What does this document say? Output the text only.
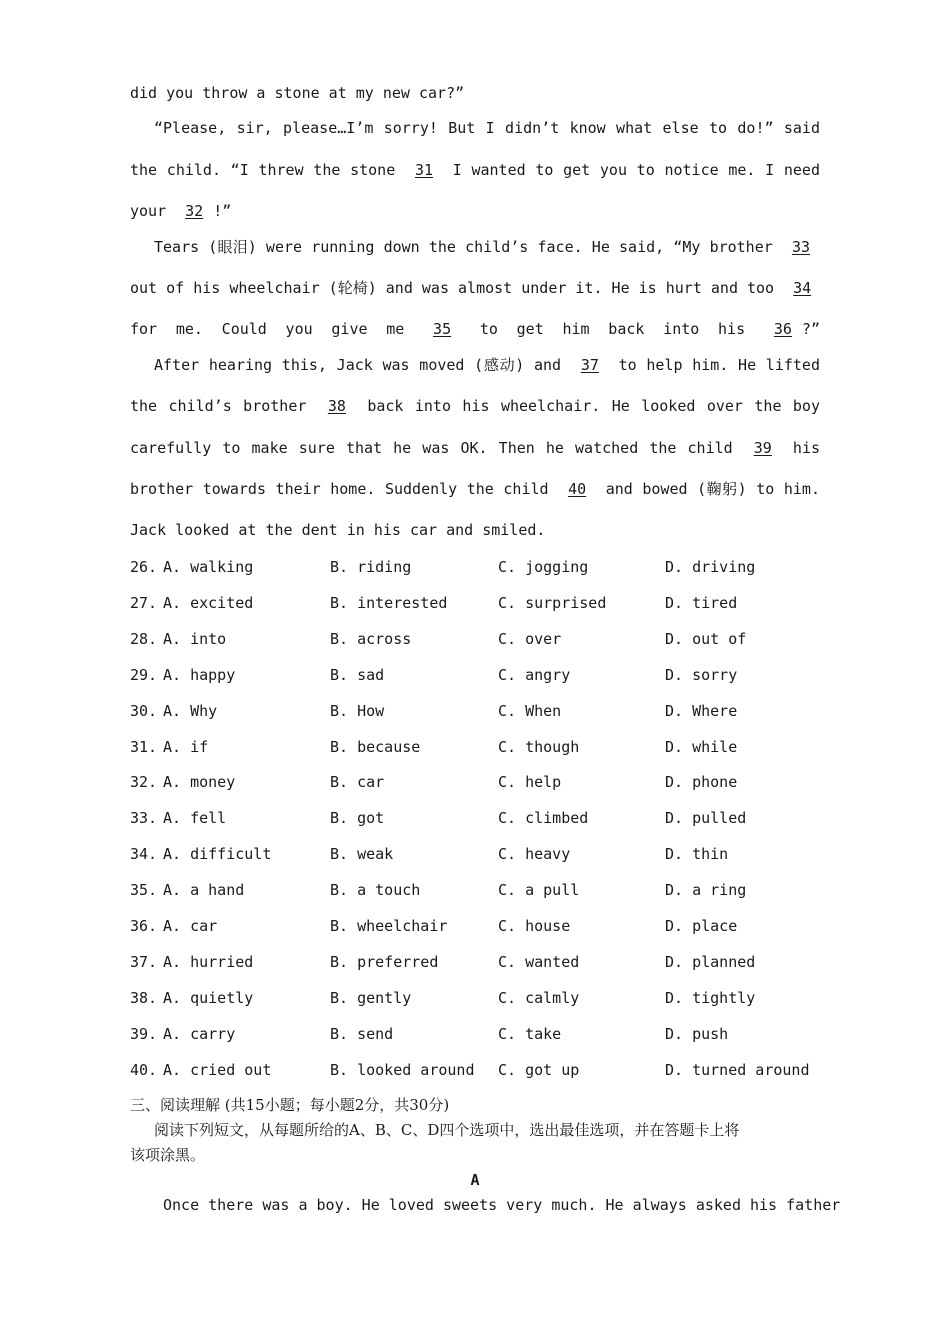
did you throw a stone at my new car?”
“Please, sir, please…I’m sorry! But I didn’t know what else to do!” said
the child. “I threw the stone 31 I wanted to get you to notice me. I need
your 32 !”
Tears (眼泪) were running down the child’s face. He said, “My brother 33
out of his wheelchair (轮椅) and was almost under it. He is hurt and too 34
for me. Could you give me 35 to get him back into his 36 ?”
After hearing this, Jack was moved (感动) and 37 to help him. He lifted
the child’s brother 38 back into his wheelchair. He looked over the boy
carefully to make sure that he was OK. Then he watched the child 39 his
brother towards their home. Suddenly the child 40 and bowed (鞠躬) to him.
Jack looked at the dent in his car and smiled.
26. A. walking	B. riding	C. jogging	D. driving
27. A. excited	B. interested	C. surprised	D. tired
28. A. into	B. across	C. over	D. out of
29. A. happy	B. sad	C. angry	D. sorry
30. A. Why	B. How	C. When	D. Where
31. A. if	B. because	C. though	D. while
32. A. money	B. car	C. help	D. phone
33. A. fell	B. got	C. climbed	D. pulled
34. A. difficult	B. weak	C. heavy	D. thin
35. A. a hand	B. a touch	C. a pull	D. a ring
36. A. car	B. wheelchair	C. house	D. place
37. A. hurried	B. preferred	C. wanted	D. planned
38. A. quietly	B. gently	C. calmly	D. tightly
39. A. carry	B. send	C. take	D. push
40. A. cried out	B. looked around C. got up	D. turned around
三、阅读理解 (共15小题；每小题2分，共30分)
阅读下列短文，从每题所给的A、B、C、D四个选项中，选出最佳选项，并在答题卡上将
该项涂黑。
A
Once there was a boy. He loved sweets very much. He always asked his father
